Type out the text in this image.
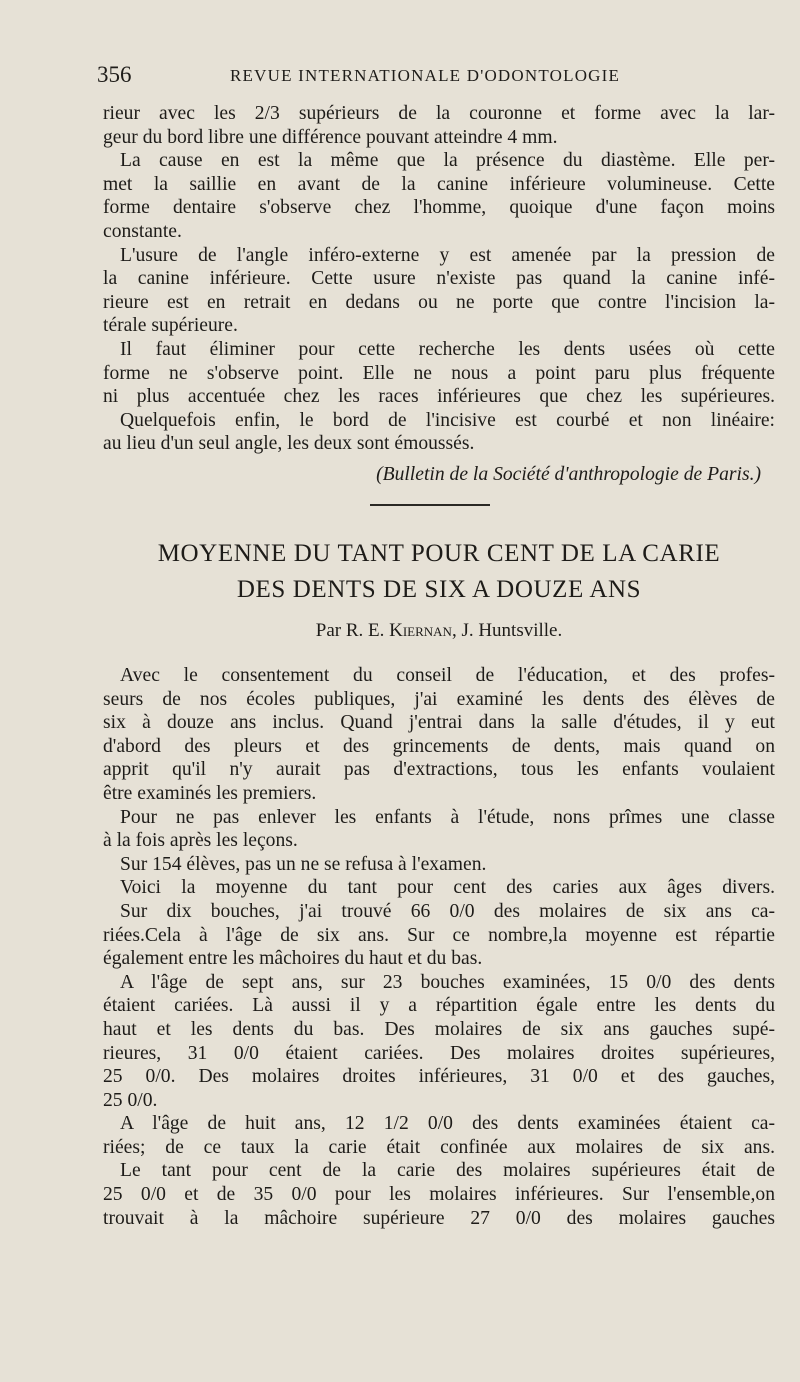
356	REVUE INTERNATIONALE D'ODONTOLOGIE
rieur avec les 2/3 supérieurs de la couronne et forme avec la lar-
geur du bord libre une différence pouvant atteindre 4 mm.
La cause en est la même que la présence du diastème. Elle per-
met la saillie en avant de la canine inférieure volumineuse. Cette
forme dentaire s'observe chez l'homme, quoique d'une façon moins
constante.
L'usure de l'angle inféro-externe y est amenée par la pression de
la canine inférieure. Cette usure n'existe pas quand la canine infé-
rieure est en retrait en dedans ou ne porte que contre l'incision la-
térale supérieure.
Il faut éliminer pour cette recherche les dents usées où cette
forme ne s'observe point. Elle ne nous a point paru plus fréquente
ni plus accentuée chez les races inférieures que chez les supérieures.
Quelquefois enfin, le bord de l'incisive est courbé et non linéaire:
au lieu d'un seul angle, les deux sont émoussés.
(Bulletin de la Société d'anthropologie de Paris.)
MOYENNE DU TANT POUR CENT DE LA CARIE
DES DENTS DE SIX A DOUZE ANS
Par R. E. Kiernan, J. Huntsville.
Avec le consentement du conseil de l'éducation, et des profes-
seurs de nos écoles publiques, j'ai examiné les dents des élèves de
six à douze ans inclus. Quand j'entrai dans la salle d'études, il y eut
d'abord des pleurs et des grincements de dents, mais quand on
apprit qu'il n'y aurait pas d'extractions, tous les enfants voulaient
être examinés les premiers.
Pour ne pas enlever les enfants à l'étude, nons prîmes une classe
à la fois après les leçons.
Sur 154 élèves, pas un ne se refusa à l'examen.
Voici la moyenne du tant pour cent des caries aux âges divers.
Sur dix bouches, j'ai trouvé 66 0/0 des molaires de six ans ca-
riées.Cela à l'âge de six ans. Sur ce nombre,la moyenne est répartie
également entre les mâchoires du haut et du bas.
A l'âge de sept ans, sur 23 bouches examinées, 15 0/0 des dents
étaient cariées. Là aussi il y a répartition égale entre les dents du
haut et les dents du bas. Des molaires de six ans gauches supé-
rieures, 31 0/0 étaient cariées. Des molaires droites supérieures,
25 0/0. Des molaires droites inférieures, 31 0/0 et des gauches,
25 0/0.
A l'âge de huit ans, 12 1/2 0/0 des dents examinées étaient ca-
riées; de ce taux la carie était confinée aux molaires de six ans.
Le tant pour cent de la carie des molaires supérieures était de
25 0/0 et de 35 0/0 pour les molaires inférieures. Sur l'ensemble,on
trouvait à la mâchoire supérieure 27 0/0 des molaires gauches
